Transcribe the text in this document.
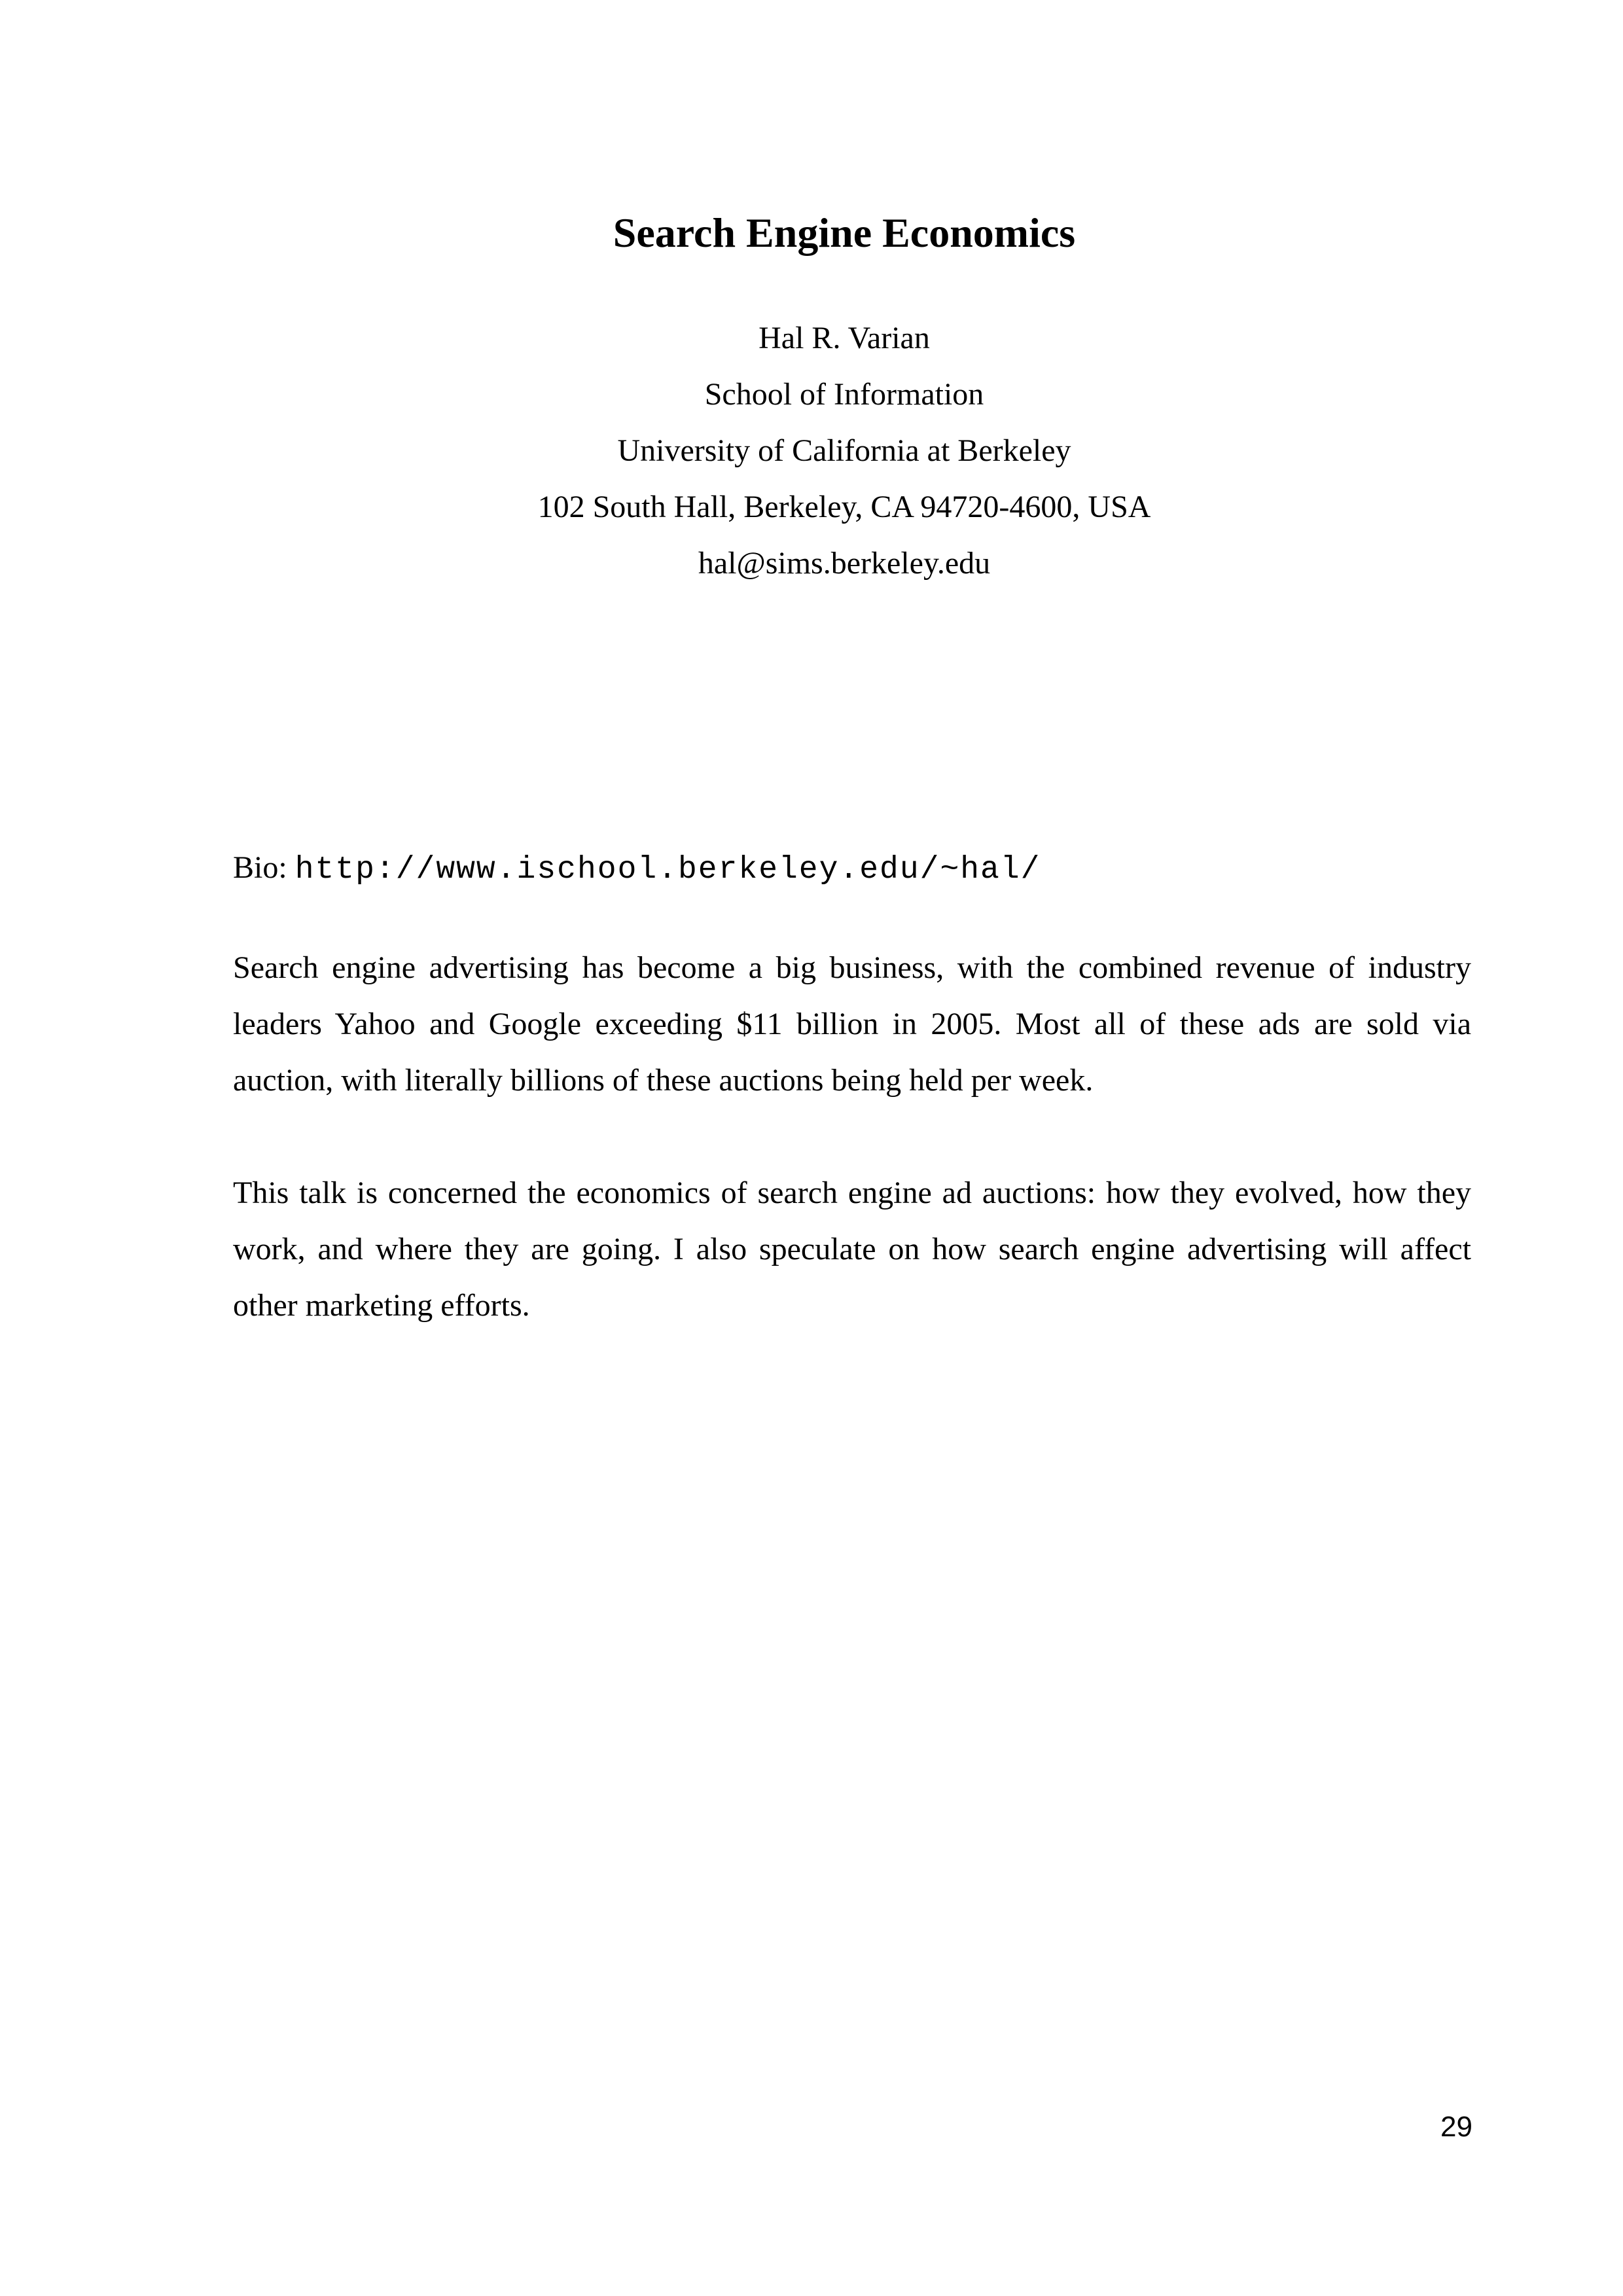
Search Engine Economics
Hal R. Varian
School of Information
University of California at Berkeley
102 South Hall, Berkeley, CA 94720-4600, USA
hal@sims.berkeley.edu
Bio: http://www.ischool.berkeley.edu/~hal/

Search engine advertising has become a big business, with the combined revenue of industry leaders Yahoo and Google exceeding $11 billion in 2005. Most all of these ads are sold via auction, with literally billions of these auctions being held per week.

This talk is concerned the economics of search engine ad auctions: how they evolved, how they work, and where they are going. I also speculate on how search engine advertising will affect other marketing efforts.

29
